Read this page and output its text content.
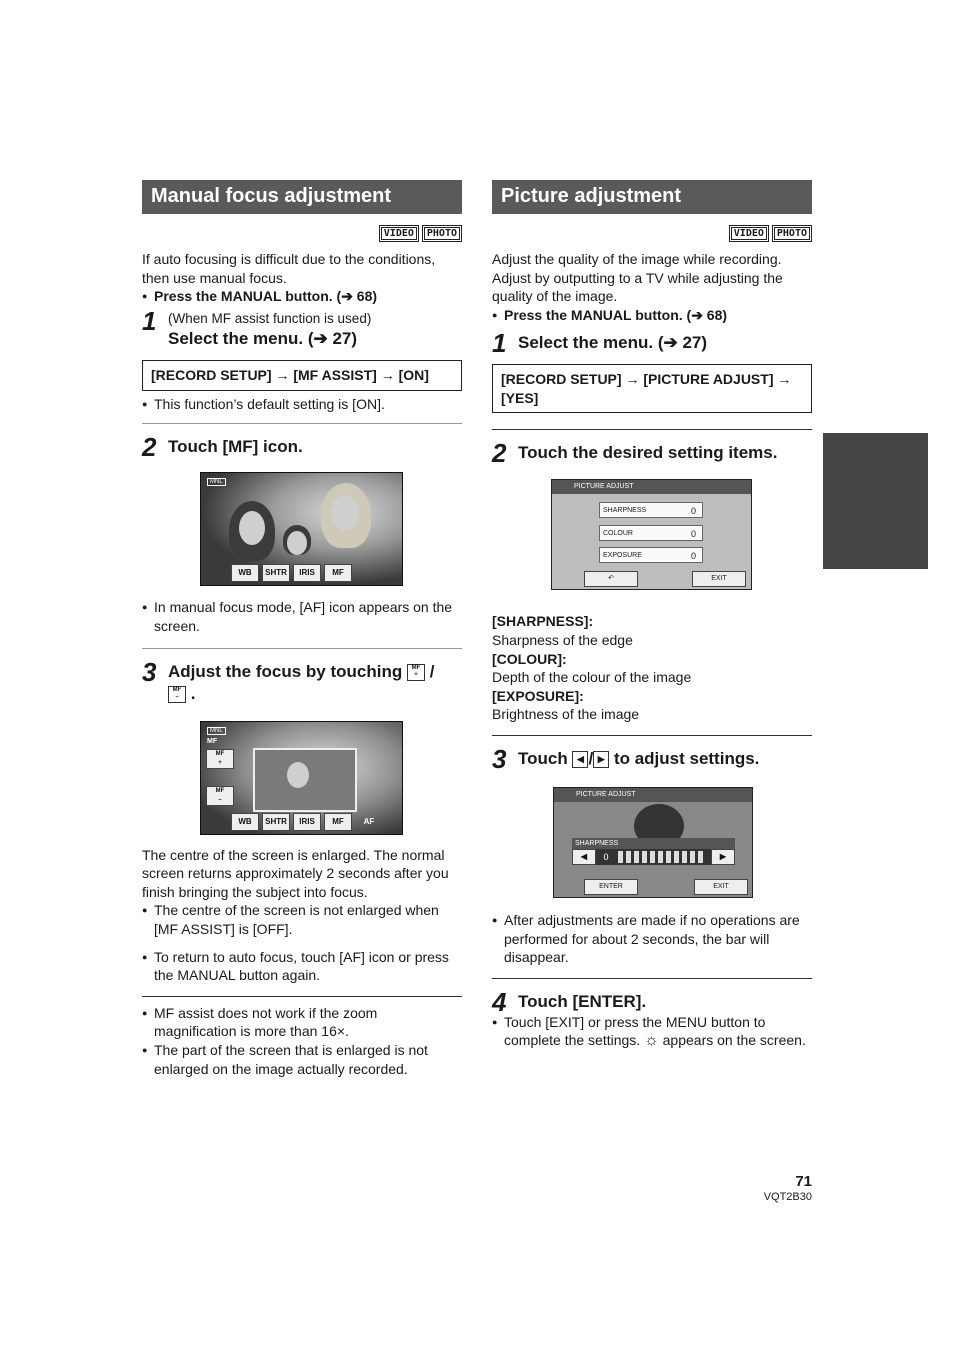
Manual focus adjustment
VIDEO PHOTO

If auto focusing is difficult due to the conditions, then use manual focus.

● Press the MANUAL button. (➔ 68)
1 (When MF assist function is used)
Select the menu. (➔ 27)
[RECORD SETUP] → [MF ASSIST] → [ON]
● This function’s default setting is [ON].
2 Touch [MF] icon.
MNL
WB	SHTR	IRIS	MF
● In manual focus mode, [AF] icon appears on the screen.
3 Adjust the focus by touching MF
+ /
MF
– .
MNL
MF
MF
+
MF
–
WB	SHTR	IRIS	MF	AF

The centre of the screen is enlarged. The normal screen returns approximately 2 seconds after you finish bringing the subject into focus.

● The centre of the screen is not enlarged when [MF ASSIST] is [OFF].
● To return to auto focus, touch [AF] icon or press the MANUAL button again.
● MF assist does not work if the zoom magnification is more than 16×.
● The part of the screen that is enlarged is not enlarged on the image actually recorded.
Picture adjustment
VIDEO PHOTO

Adjust the quality of the image while recording. Adjust by outputting to a TV while adjusting the quality of the image.

● Press the MANUAL button. (➔ 68)
1 Select the menu. (➔ 27)
[RECORD SETUP] → [PICTURE ADJUST] → [YES]
2 Touch the desired setting items.
PICTURE ADJUST
SHARPNESS	0
COLOUR	0
EXPOSURE	0
↶	EXIT
[SHARPNESS]:
Sharpness of the edge
[COLOUR]:
Depth of the colour of the image
[EXPOSURE]:
Brightness of the image
3 Touch ◀ / ▶ to adjust settings.
PICTURE ADJUST
SHARPNESS
◀	0	▶
ENTER	EXIT
● After adjustments are made if no operations are performed for about 2 seconds, the bar will disappear.
4 Touch [ENTER].
● Touch [EXIT] or press the MENU button to complete the settings. ☼ appears on the screen.
71
VQT2B30
